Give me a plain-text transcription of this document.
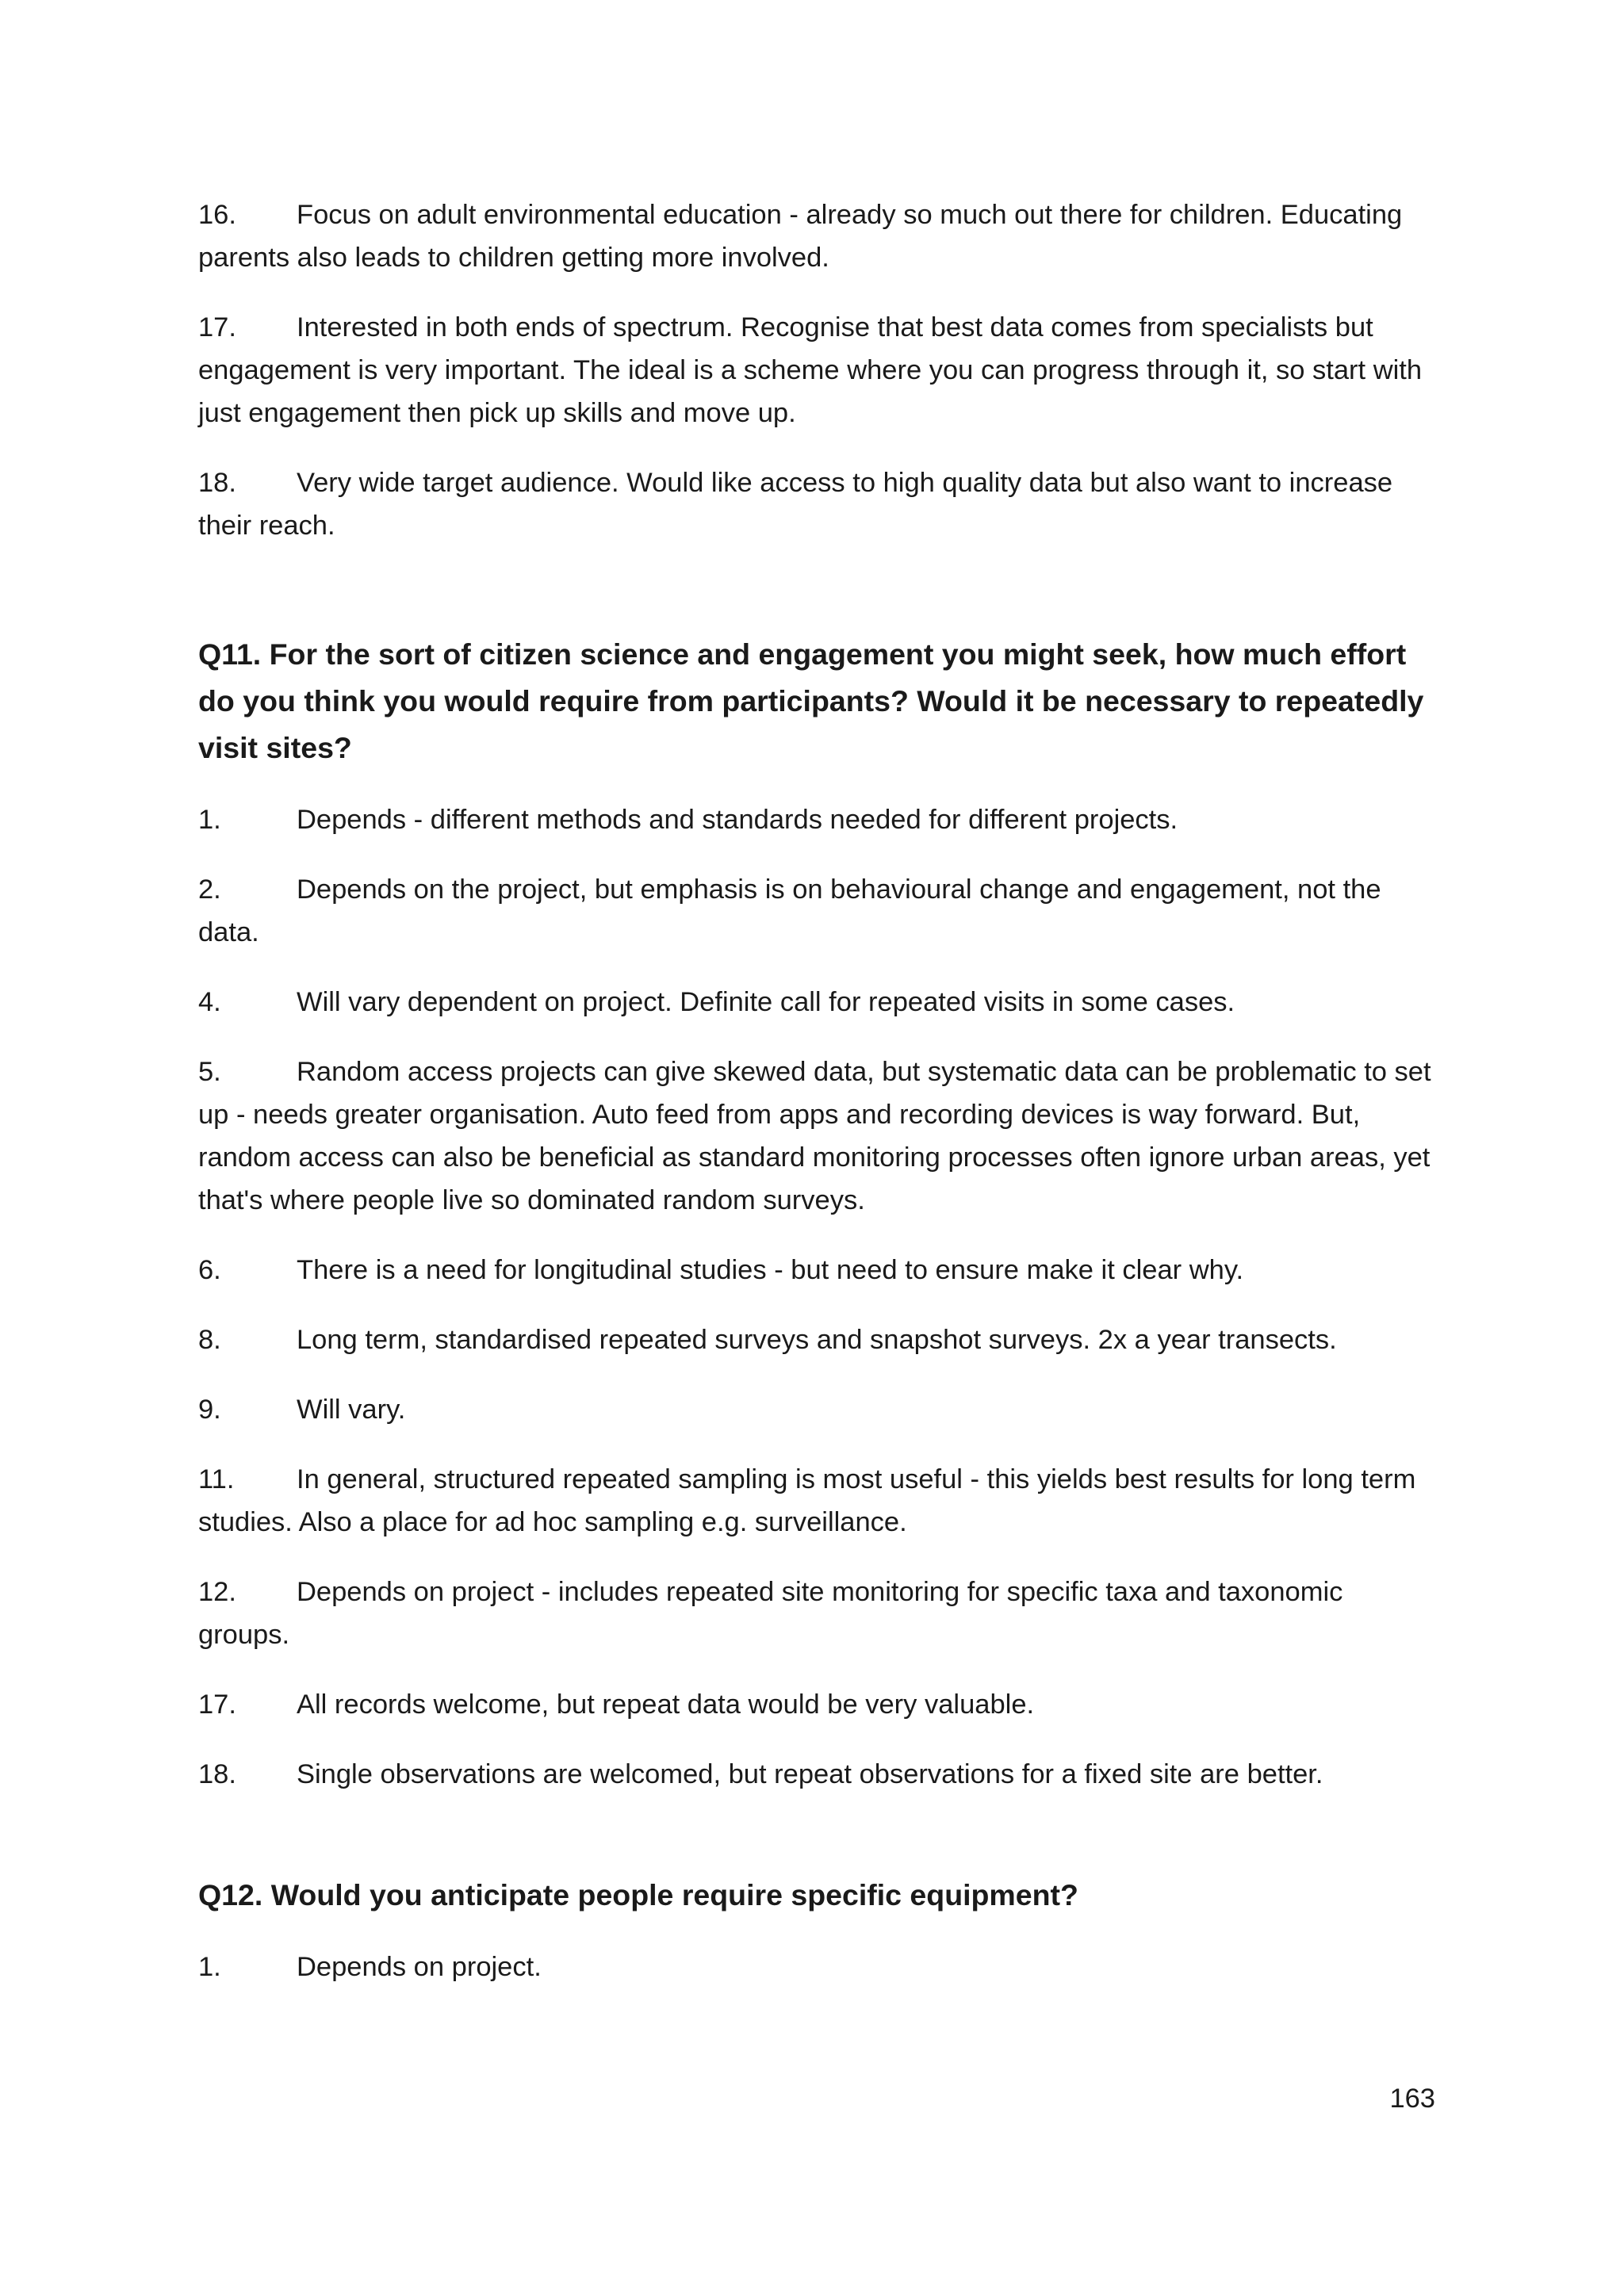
16. Focus on adult environmental education - already so much out there for children. Educating parents also leads to children getting more involved.

17. Interested in both ends of spectrum. Recognise that best data comes from specialists but engagement is very important. The ideal is a scheme where you can progress through it, so start with just engagement then pick up skills and move up.

18. Very wide target audience. Would like access to high quality data but also want to increase their reach.

Q11. For the sort of citizen science and engagement you might seek, how much effort do you think you would require from participants? Would it be necessary to repeatedly visit sites?

1.	Depends - different methods and standards needed for different projects.

2.	Depends on the project, but emphasis is on behavioural change and engagement, not the data.

4.	Will vary dependent on project. Definite call for repeated visits in some cases.

5.	Random access projects can give skewed data, but systematic data can be problematic to set up - needs greater organisation. Auto feed from apps and recording devices is way forward. But, random access can also be beneficial as standard monitoring processes often ignore urban areas, yet that's where people live so dominated random surveys.

6.	There is a need for longitudinal studies - but need to ensure make it clear why.

8.	Long term, standardised repeated surveys and snapshot surveys. 2x a year transects.

9.	Will vary.

11. In general, structured repeated sampling is most useful - this yields best results for long term studies. Also a place for ad hoc sampling e.g. surveillance.

12. Depends on project - includes repeated site monitoring for specific taxa and taxonomic groups.

17. All records welcome, but repeat data would be very valuable.

18. Single observations are welcomed, but repeat observations for a fixed site are better.

Q12. Would you anticipate people require specific equipment?

1.	Depends on project.

163
